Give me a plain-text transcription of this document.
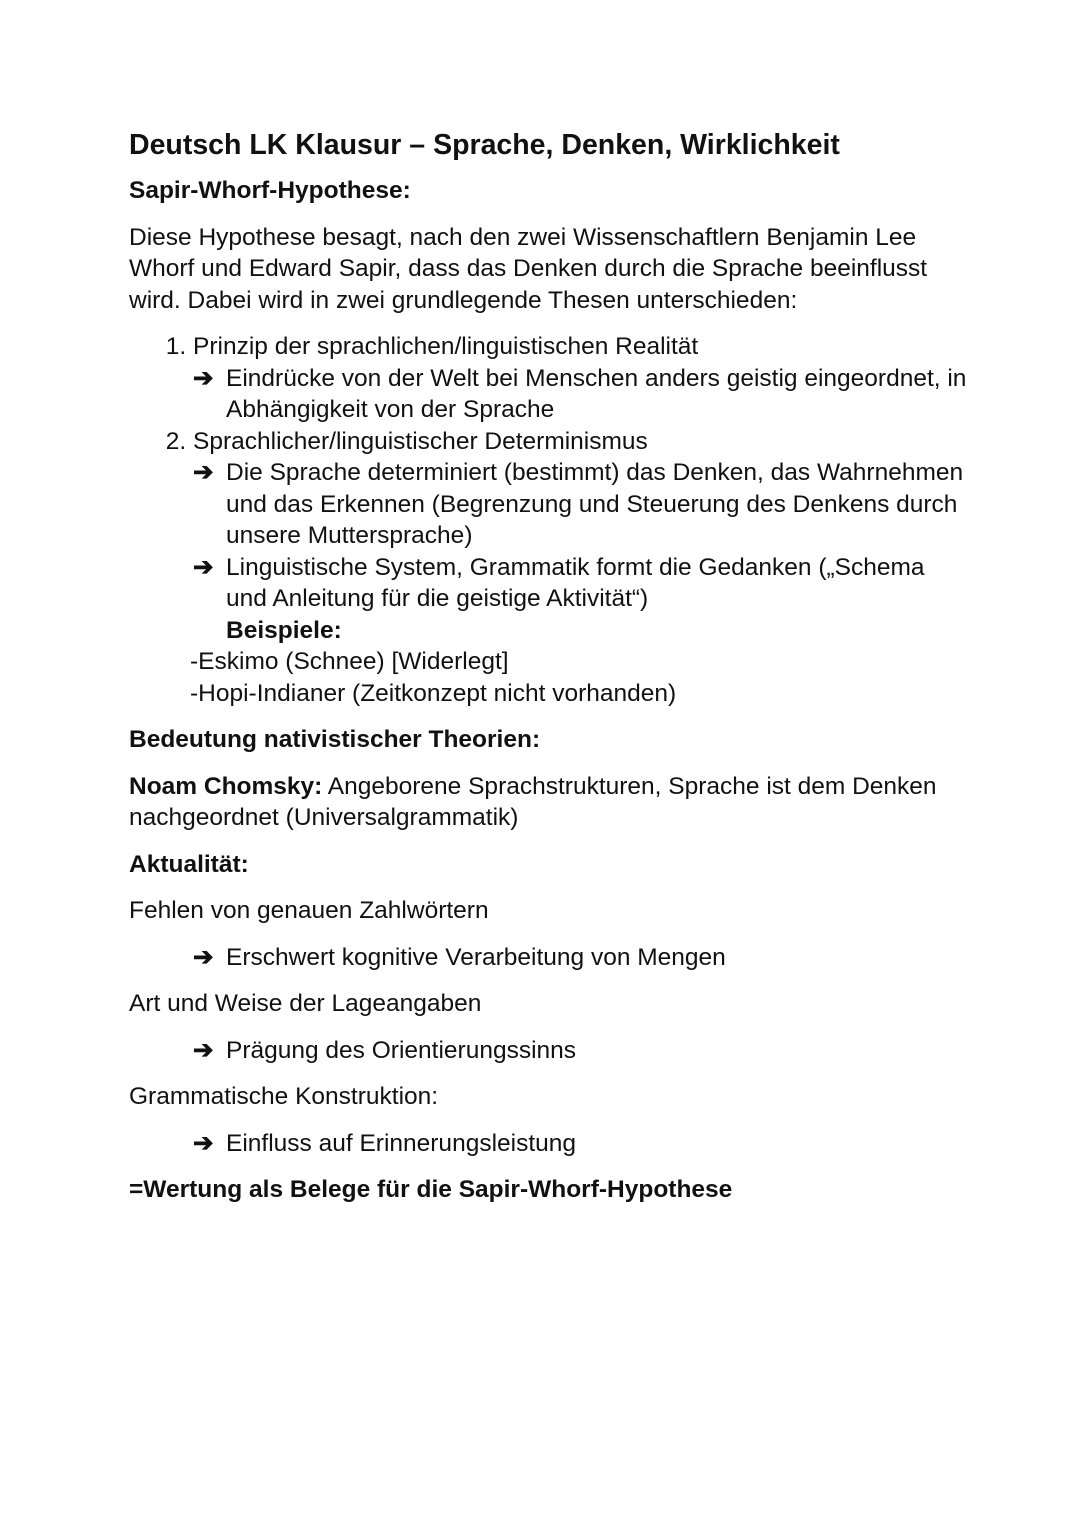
Deutsch LK Klausur – Sprache, Denken, Wirklichkeit
Sapir-Whorf-Hypothese:

Diese Hypothese besagt, nach den zwei Wissenschaftlern Benjamin Lee Whorf und Edward Sapir, dass das Denken durch die Sprache beeinflusst wird. Dabei wird in zwei grundlegende Thesen unterschieden:

1. Prinzip der sprachlichen/linguistischen Realität
➔ Eindrücke von der Welt bei Menschen anders geistig eingeordnet, in Abhängigkeit von der Sprache
2. Sprachlicher/linguistischer Determinismus
➔ Die Sprache determiniert (bestimmt) das Denken, das Wahrnehmen und das Erkennen (Begrenzung und Steuerung des Denkens durch unsere Muttersprache)
➔ Linguistische System, Grammatik formt die Gedanken („Schema und Anleitung für die geistige Aktivität“)
Beispiele:
-Eskimo (Schnee) [Widerlegt]
-Hopi-Indianer (Zeitkonzept nicht vorhanden)
Bedeutung nativistischer Theorien:

Noam Chomsky: Angeborene Sprachstrukturen, Sprache ist dem Denken nachgeordnet (Universalgrammatik)

Aktualität:

Fehlen von genauen Zahlwörtern

➔ Erschwert kognitive Verarbeitung von Mengen

Art und Weise der Lageangaben

➔ Prägung des Orientierungssinns

Grammatische Konstruktion:

➔ Einfluss auf Erinnerungsleistung
=Wertung als Belege für die Sapir-Whorf-Hypothese
